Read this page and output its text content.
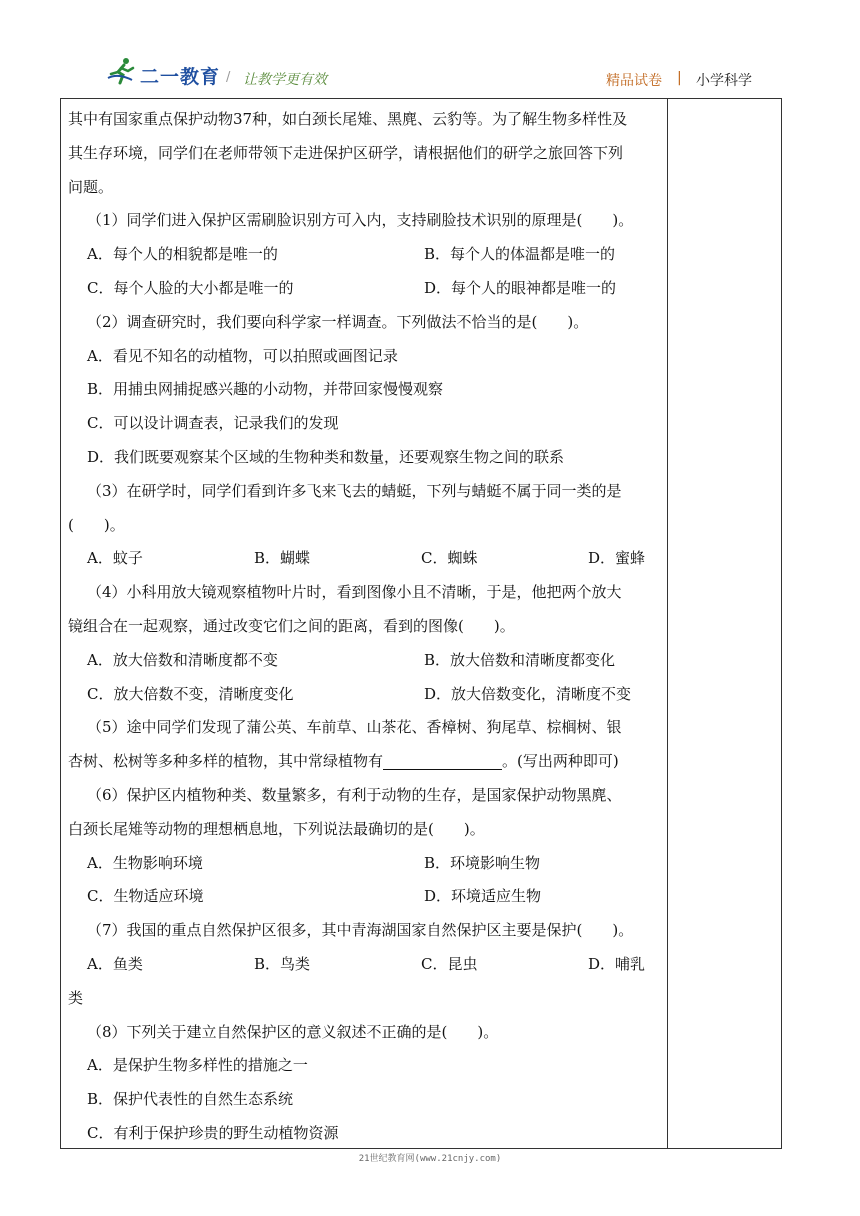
二一教育 / 让教学更有效	精品试卷 | 小学科学
其中有国家重点保护动物37种，如白颈长尾雉、黑麂、云豹等。为了解生物多样性及
其生存环境，同学们在老师带领下走进保护区研学，请根据他们的研学之旅回答下列
问题。
（1）同学们进入保护区需刷脸识别方可入内，支持刷脸技术识别的原理是(　　)。
A．每个人的相貌都是唯一的	B．每个人的体温都是唯一的
C．每个人脸的大小都是唯一的	D．每个人的眼神都是唯一的
（2）调查研究时，我们要向科学家一样调查。下列做法不恰当的是(　　)。
A．看见不知名的动植物，可以拍照或画图记录
B．用捕虫网捕捉感兴趣的小动物，并带回家慢慢观察
C．可以设计调查表，记录我们的发现
D．我们既要观察某个区域的生物种类和数量，还要观察生物之间的联系
（3）在研学时，同学们看到许多飞来飞去的蜻蜓，下列与蜻蜓不属于同一类的是
(　　)。
A．蚊子	B．蝴蝶	C．蜘蛛	D．蜜蜂
（4）小科用放大镜观察植物叶片时，看到图像小且不清晰，于是，他把两个放大
镜组合在一起观察，通过改变它们之间的距离，看到的图像(　　)。
A．放大倍数和清晰度都不变	B．放大倍数和清晰度都变化
C．放大倍数不变，清晰度变化	D．放大倍数变化，清晰度不变
（5）途中同学们发现了蒲公英、车前草、山茶花、香樟树、狗尾草、棕榈树、银
杏树、松树等多种多样的植物，其中常绿植物有	。(写出两种即可)
（6）保护区内植物种类、数量繁多，有利于动物的生存，是国家保护动物黑麂、
白颈长尾雉等动物的理想栖息地，下列说法最确切的是(　　)。
A．生物影响环境	B．环境影响生物
C．生物适应环境	D．环境适应生物
（7）我国的重点自然保护区很多，其中青海湖国家自然保护区主要是保护(　　)。
A．鱼类	B．鸟类	C．昆虫	D．哺乳
类
（8）下列关于建立自然保护区的意义叙述不正确的是(　　)。
A．是保护生物多样性的措施之一
B．保护代表性的自然生态系统
C．有利于保护珍贵的野生动植物资源
21世纪教育网(www.21cnjy.com)
